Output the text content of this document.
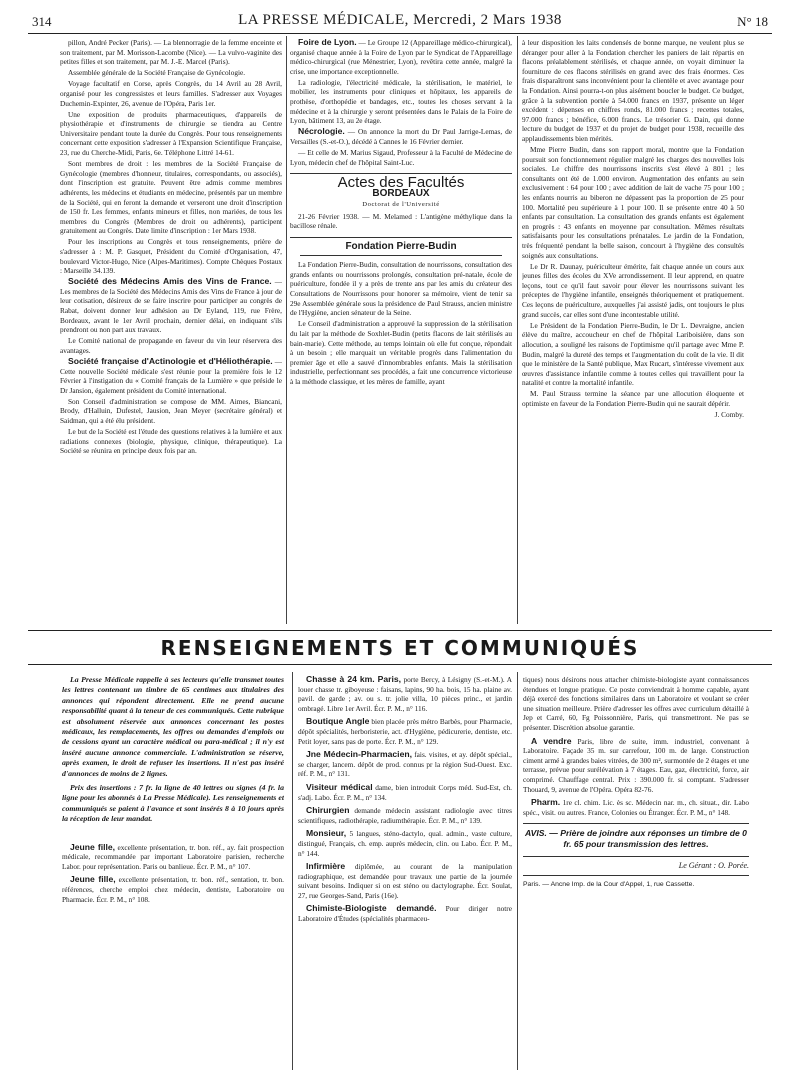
314	LA PRESSE MÉDICALE, Mercredi, 2 Mars 1938	N° 18

pillon, André Pecker (Paris). — La blennorragie de la femme enceinte et son traitement, par M. Morisson-Lacombe (Nice). — La vulvo-vaginite des petites filles et son traitement, par M. J.-E. Marcel (Paris).

Assemblée générale de la Société Française de Gynécologie.

Voyage facultatif en Corse, après Congrès, du 14 Avril au 28 Avril, organisé pour les congressistes et leurs familles. S'adresser aux Voyages Duchemin-Expinter, 26, avenue de l'Opéra, Paris 1er.

Une exposition de produits pharmaceutiques, d'appareils de physiothérapie et d'instruments de chirurgie se tiendra au Centre Universitaire pendant toute la durée du Congrès. Pour tous renseignements concernant cette exposition s'adresser à l'Expansion Scientifique Française, 23, rue du Cherche-Midi, Paris, 6e. Téléphone Littré 14-61.

Sont membres de droit : les membres de la Société Française de Gynécologie (membres d'honneur, titulaires, correspondants, ou associés), dont l'inscription est gratuite. Peuvent être admis comme membres adhérents, les médecins et étudiants en médecine, présentés par un membre de la Société, qui en feront la demande et verseront une droit d'inscription de 150 fr. Les femmes, enfants mineurs et filles, non mariées, de tous les membres du Congrès (Membres de droit ou adhérents), participent gratuitement au Congrès. Date limite d'inscription : 1er Mars 1938.

Pour les inscriptions au Congrès et tous renseignements, prière de s'adresser à : M. P. Gasquet, Président du Comité d'Organisation, 47, boulevard Victor-Hugo, Nice (Alpes-Maritimes). Compte Chèques Postaux : Marseille 34.139.

Société des Médecins Amis des Vins de France. — Les membres de la Société des Médecins Amis des Vins de France à jour de leur cotisation, désireux de se faire inscrire pour participer au congrès de Rabat, doivent donner leur adhésion au Dr Eyland, 119, rue Frère, Bordeaux, avant le 1er Avril prochain, dernier délai, en indiquant s'ils prendront ou non part aux travaux.

Le Comité national de propagande en faveur du vin leur réservera des avantages.

Société française d'Actinologie et d'Héliothérapie. — Cette nouvelle Société médicale s'est réunie pour la première fois le 12 Février à l'instigation du « Comité français de la Lumière » que préside le Dr Jansion, également président du Comité international.

Son Conseil d'administration se compose de MM. Aimes, Biancani, Brody, d'Halluin, Dufestel, Jausion, Jean Meyer (secrétaire général) et Saidman, qui a été élu président.

Le but de la Société est l'étude des questions relatives à la lumière et aux radiations connexes (biologie, physique, clinique, thérapeutique). La Société se réunira en principe deux fois par an.

Foire de Lyon. — Le Groupe 12 (Appareillage médico-chirurgical), organisé chaque année à la Foire de Lyon par le Syndicat de l'Appareillage médico-chirurgical (rue Ménestrier, Lyon), revêtira cette année, malgré la crise, une importance exceptionnelle.

La radiologie, l'électricité médicale, la stérilisation, le matériel, le mobilier, les instruments pour cliniques et hôpitaux, les appareils de prothèse, d'orthopédie et bandages, etc., toutes les choses servant à la médecine et à la chirurgie y seront présentées dans le Palais de la Foire de Lyon, bâtiment 13, au 2e étage.

Nécrologie. — On annonce la mort du Dr Paul Jarrige-Lemas, de Versailles (S.-et-O.), décédé à Cannes le 16 Février dernier.

— Et celle de M. Marius Sigaud, Professeur à la Faculté de Médecine de Lyon, médecin chef de l'hôpital Saint-Luc.

Actes des Facultés

BORDEAUX

Doctorat de l'Université

21-26 Février 1938. — M. Melamed : L'antigène méthylique dans la bacillose rénale.

Fondation Pierre-Budin

La Fondation Pierre-Budin, consultation de nourrissons, consultation des grands enfants ou nourrissons prolongés, consultation pré-natale, école de puériculture, fondée il y a près de trente ans par les amis du créateur des Consultations de Nourrissons pour honorer sa mémoire, vient de tenir sa 29e Assemblée générale sous la présidence de Paul Strauss, ancien ministre de l'Hygiène, ancien sénateur de la Seine.

Le Conseil d'administration a approuvé la suppression de la stérilisation du lait par la méthode de Soxhlet-Budin (petits flacons de lait stérilisés au bain-marie). Cette méthode, au temps lointain où elle fut conçue, répondait à un besoin ; elle marquait un véritable progrès dans l'alimentation du premier âge et elle a sauvé d'innombrables enfants. Mais la stérilisation industrielle, perfectionnant ses procédés, a fait une concurrence victorieuse à la méthode classique, et les mères de famille, ayant

à leur disposition les laits condensés de bonne marque, ne veulent plus se déranger pour aller à la Fondation chercher les paniers de lait répartis en flacons préalablement stérilisés, et chaque année, on voyait diminuer la fourniture de ces flacons stérilisés en grand avec des frais énormes. Ces frais disparaîtront sans inconvénient pour la clientèle et avec avantage pour la Fondation. Ainsi pourra-t-on plus aisément boucler le budget. Ce budget, grâce à la subvention portée à 54.000 francs en 1937, présente un léger excédent : dépenses en chiffres ronds, 81.000 francs ; recettes totales, 97.000 francs ; bénéfice, 6.000 francs. Le trésorier G. Dain, qui donne lecture du budget de 1937 et du projet de budget pour 1938, recueille des applaudissements bien mérités.

Mme Pierre Budin, dans son rapport moral, montre que la Fondation poursuit son fonctionnement régulier malgré les charges des nouvelles lois sociales. Le chiffre des nourrissons inscrits s'est élevé à 801 ; les consultants ont été de 1.000 environ. Augmentation des enfants au sein exclusivement : 64 pour 100 ; avec addition de lait de vache 75 pour 100 ; les enfants nourris au biberon ne dépassent pas la proportion de 25 pour 100. Mortalité peu supérieure à 1 pour 100. Il se présente entre 40 à 50 enfants par consultation. La consultation des grands enfants est également en progrès : 43 enfants en moyenne par consultation. Mêmes résultats satisfaisants pour les consultations prénatales. Le jardin de la Fondation, très fréquenté pendant la belle saison, concourt à l'hygiène des consultés soignés aux consultations.

Le Dr R. Daunay, puériculteur émérite, fait chaque année un cours aux jeunes filles des écoles du XVe arrondissement. Il leur apprend, en quatre leçons, tout ce qu'il faut savoir pour élever les nourrissons suivant les préceptes de l'hygiène infantile, enseignés théoriquement et pratiquement. Ces leçons de puériculture, auxquelles j'ai assisté jadis, ont toujours le plus grand succès, car elles sont d'une incontestable utilité.

Le Président de la Fondation Pierre-Budin, le Dr L. Devraigne, ancien élève du maître, accoucheur en chef de l'hôpital Lariboisière, dans son allocution, a souligné les raisons de l'optimisme qu'il partage avec Mme P. Budin, malgré la dureté des temps et l'augmentation du coût de la vie. Il dit que le ministère de la Santé publique, Max Rucart, s'intéresse vivement aux œuvres d'assistance infantile comme à toutes celles qui travaillent pour la natalité et contre la mortalité infantile.

M. Paul Strauss termine la séance par une allocution éloquente et optimiste en faveur de la Fondation Pierre-Budin qui ne saurait dépérir.

J. Comby.

RENSEIGNEMENTS ET COMMUNIQUÉS

La Presse Médicale rappelle à ses lecteurs qu'elle transmet toutes les lettres contenant un timbre de 65 centimes aux titulaires des annonces qui répondent directement. Elle ne prend aucune responsabilité quant à la teneur de ces communiqués. Cette rubrique est absolument réservée aux annonces concernant les postes médicaux, les remplacements, les offres ou demandes d'emplois ou de cessions ayant un caractère médical ou para-médical ; il n'y est inséré aucune annonce commerciale. L'administration se réserve, après examen, le droit de refuser les insertions. Il n'est pas inséré d'annonces de moins de 2 lignes.

Prix des insertions : 7 fr. la ligne de 40 lettres ou signes (4 fr. la ligne pour les abonnés à La Presse Médicale). Les renseignements et communiqués se paient à l'avance et sont insérés 8 à 10 jours après la réception de leur mandat.

Jeune fille, excellente présentation, tr. bon. réf., ay. fait prospection médicale, recommandée par important Laboratoire parisien, recherche Labor. pour représentation. Paris ou banlieue. Écr. P. M., n° 107.

Jeune fille, excellente présentation, tr. bon. réf., sentation, tr. bon. références, cherche emploi chez médecin, dentiste, Laboratoire ou Pharmacie. Écr. P. M., n° 108.

Chasse à 24 km. Paris, porte Bercy, à Lésigny (S.-et-M.). A louer chasse tr. giboyeuse : faisans, lapins, 90 ha. bois, 15 ha. plaine av. pavil. de garde ; av. ou s. tr. jolie villa, 10 pièces princ., et jardin ombragé. Libre 1er Avril. Écr. P. M., n° 116.

Boutique Angle bien placée près métro Barbès, pour Pharmacie, dépôt spécialités, herboristerie, act. d'Hygiène, pédicurerie, dentiste, etc. Petit loyer, sans pas de porte. Écr. P. M., n° 129.

Jne Médecin-Pharmacien, fais. visites, et ay. dépôt spécial., se charger, lancem. dépôt de prod. connus pr la région Sud-Ouest. Exc. réf. P. M., n° 131.

Visiteur médical dame, bien introduit Corps méd. Sud-Est, ch. s'adj. Labo. Écr. P. M., n° 134.

Chirurgien demande médecin assistant radiologie avec titres scientifiques, radiothérapie, radiumthérapie. Écr. P. M., n° 139.

Monsieur, 5 langues, sténo-dactylo, qual. admin., vaste culture, distingué, Français, ch. emp. auprès médecin, clin. ou Labo. Écr. P. M., n° 144.

Infirmière diplômée, au courant de la manipulation radiographique, est demandée pour travaux une partie de la journée suivant besoins. Indiquer si on est sténo ou dactylographe. Écr. Soulat, 27, rue Georges-Sand, Paris (16e).

Chimiste-Biologiste demandé. Pour diriger notre Laboratoire d'Études (spécialités pharmaceu-

tiques) nous désirons nous attacher chimiste-biologiste ayant connaissances étendues et longue pratique. Ce poste conviendrait à homme capable, ayant déjà exercé des fonctions similaires dans un Laboratoire et voulant se créer une situation meilleure. Prière d'adresser les offres avec curriculum détaillé à Jep et Carré, 60, Fg Poissonnière, Paris, qui transmettront. Ne pas se présenter. Discrétion absolue garantie.

A vendre Paris, libre de suite, imm. industriel, convenant à Laboratoire. Façade 35 m. sur carrefour, 100 m. de large. Construction ciment armé à grandes baies vitrées, de 300 m², surmontée de 2 étages et une terrasse, prévue pour surélévation à 7 étages. Eau, gaz, électricité, force, air comprimé. Chauffage central. Prix : 390.000 fr. si comptant. S'adresser Thouard, 9, avenue de l'Opéra. Opéra 82-76.

Pharm. 1re cl. chim. Lic. ès sc. Médecin nar. m., ch. situat., dir. Labo spéc., visit. ou autres. France, Colonies ou Étranger. Écr. P. M., n° 148.

AVIS. — Prière de joindre aux réponses un timbre de 0 fr. 65 pour transmission des lettres.

Le Gérant : O. Porée.

Paris. — Ancne Imp. de la Cour d'Appel, 1, rue Cassette.
